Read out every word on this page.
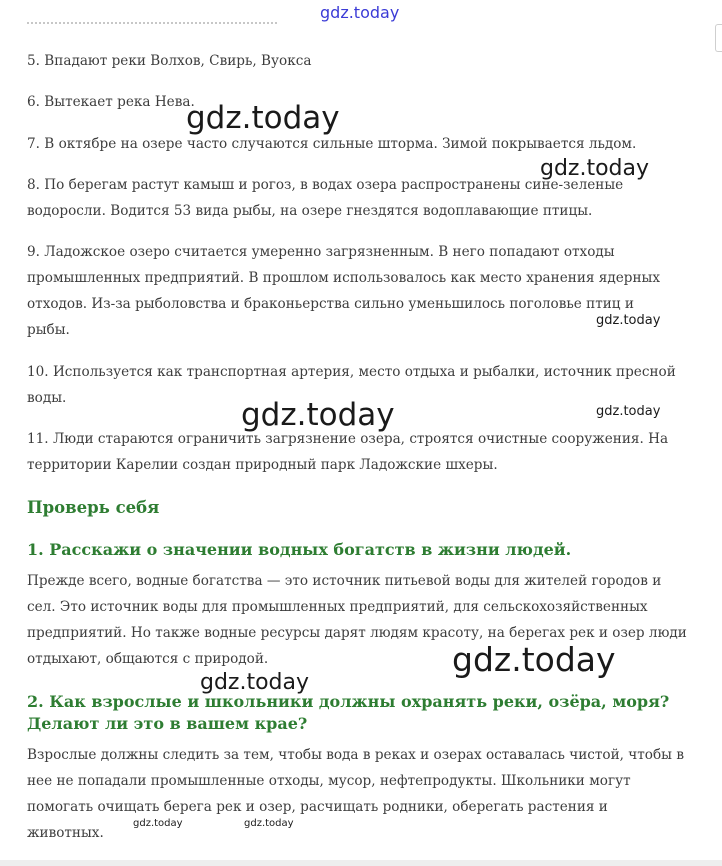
gdz.today

5. Впадают реки Волхов, Свирь, Вуокса

6. Вытекает река Нева.

gdz.today

7. В октябре на озере часто случаются сильные шторма. Зимой покрывается льдом.

gdz.today

8. По берегам растут камыш и рогоз, в водах озера распространены сине-зеленые

водоросли. Водится 53 вида рыбы, на озере гнездятся водоплавающие птицы.

9. Ладожское озеро считается умеренно загрязненным. В него попадают отходы

промышленных предприятий. В прошлом использовалось как место хранения ядерных

отходов. Из-за рыболовства и браконьерства сильно уменьшилось поголовье птиц и

рыбы.

gdz.today

10. Используется как транспортная артерия, место отдыха и рыбалки, источник пресной

воды.	gdz.today	gdz.today

11. Люди стараются ограничить загрязнение озера, строятся очистные сооружения. На

территории Карелии создан природный парк Ладожские шхеры.

Проверь себя
1. Расскажи о значении водных богатств в жизни людей.

Прежде всего, водные богатства — это источник питьевой воды для жителей городов и

сел. Это источник воды для промышленных предприятий, для сельскохозяйственных

предприятий. Но также водные ресурсы дарят людям красоту, на берегах рек и озер люди

отдыхают, общаются с природой.	gdz.today
gdz.today
2. Как взрослые и школьники должны охранять реки, озёра, моря?
Делают ли это в вашем крае?

Взрослые должны следить за тем, чтобы вода в реках и озерах оставалась чистой, чтобы в

нее не попадали промышленные отходы, мусор, нефтепродукты. Школьники могут

помогать очищать берега рек и озер, расчищать родники, оберегать растения и

животных.

gdz.today	gdz.today
